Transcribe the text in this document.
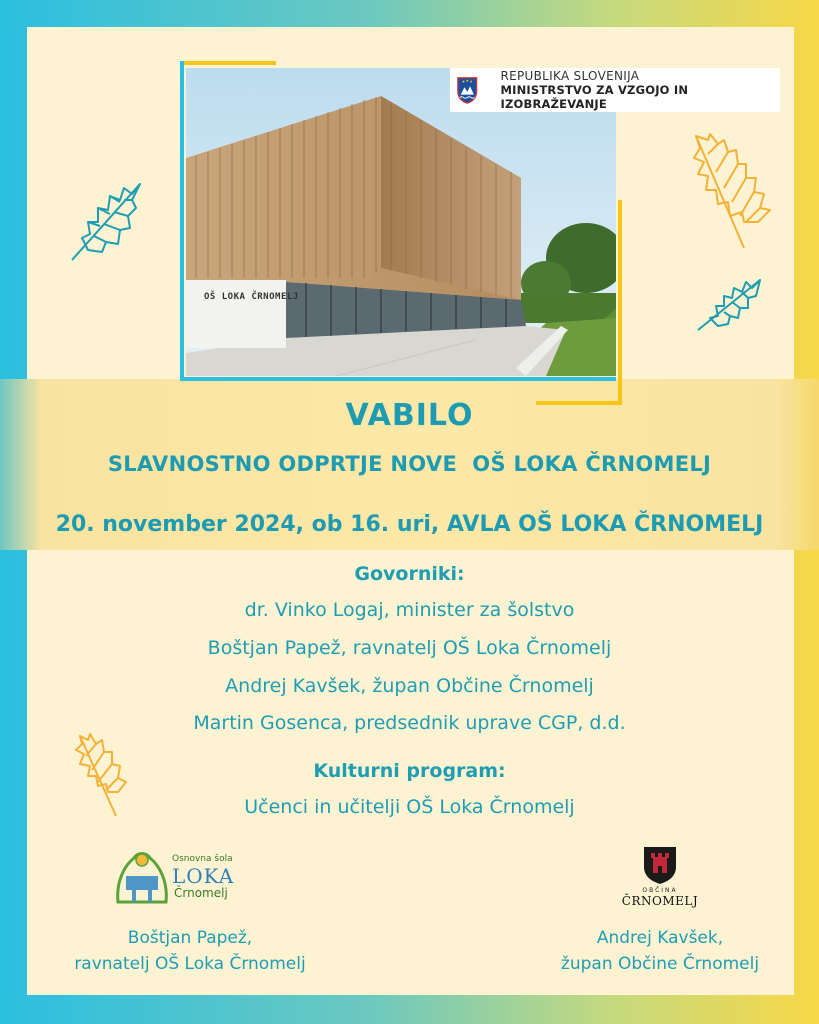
OŠ LOKA ČRNOMELJ
REPUBLIKA SLOVENIJA
MINISTRSTVO ZA VZGOJO IN IZOBRAŽEVANJE
VABILO
SLAVNOSTNO ODPRTJE NOVE  OŠ LOKA ČRNOMELJ
20. november 2024, ob 16. uri, AVLA OŠ LOKA ČRNOMELJ
Govorniki:
dr. Vinko Logaj, minister za šolstvo
Boštjan Papež, ravnatelj OŠ Loka Črnomelj
Andrej Kavšek, župan Občine Črnomelj
Martin Gosenca, predsednik uprave CGP, d.d.
Kulturni program:
Učenci in učitelji OŠ Loka Črnomelj
Osnovna šola
LOKA
Črnomelj	OBČINA
ČRNOMELJ
Boštjan Papež,
ravnatelj OŠ Loka Črnomelj
Andrej Kavšek,
župan Občine Črnomelj
